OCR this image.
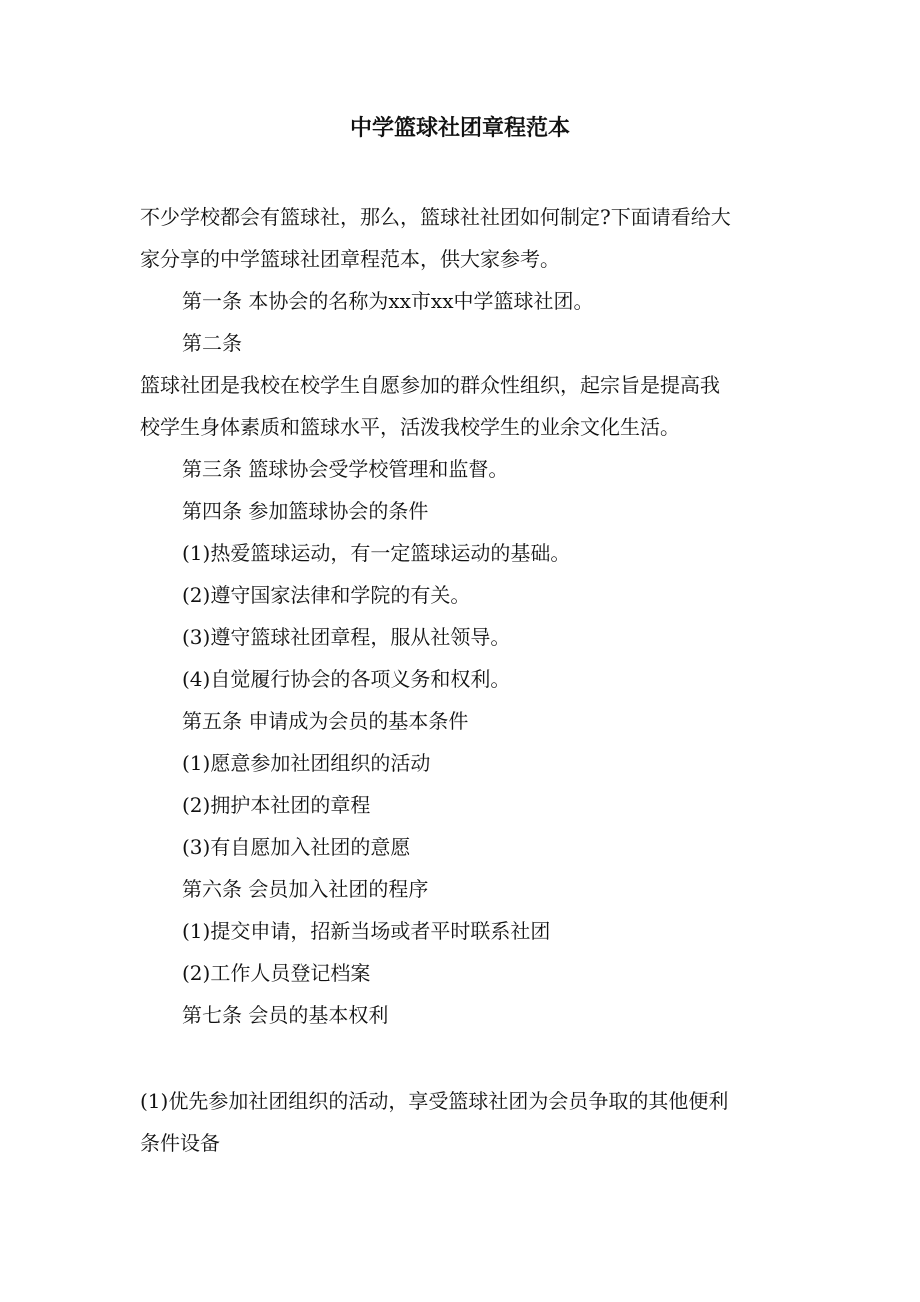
中学篮球社团章程范本

不少学校都会有篮球社，那么，篮球社社团如何制定?下面请看给大

家分享的中学篮球社团章程范本，供大家参考。

第一条 本协会的名称为xx市xx中学篮球社团。

第二条

篮球社团是我校在校学生自愿参加的群众性组织，起宗旨是提高我

校学生身体素质和篮球水平，活泼我校学生的业余文化生活。

第三条 篮球协会受学校管理和监督。

第四条 参加篮球协会的条件

(1)热爱篮球运动，有一定篮球运动的基础。

(2)遵守国家法律和学院的有关。

(3)遵守篮球社团章程，服从社领导。

(4)自觉履行协会的各项义务和权利。

第五条 申请成为会员的基本条件

(1)愿意参加社团组织的活动

(2)拥护本社团的章程

(3)有自愿加入社团的意愿

第六条 会员加入社团的程序

(1)提交申请，招新当场或者平时联系社团

(2)工作人员登记档案

第七条 会员的基本权利

(1)优先参加社团组织的活动，享受篮球社团为会员争取的其他便利

条件设备
